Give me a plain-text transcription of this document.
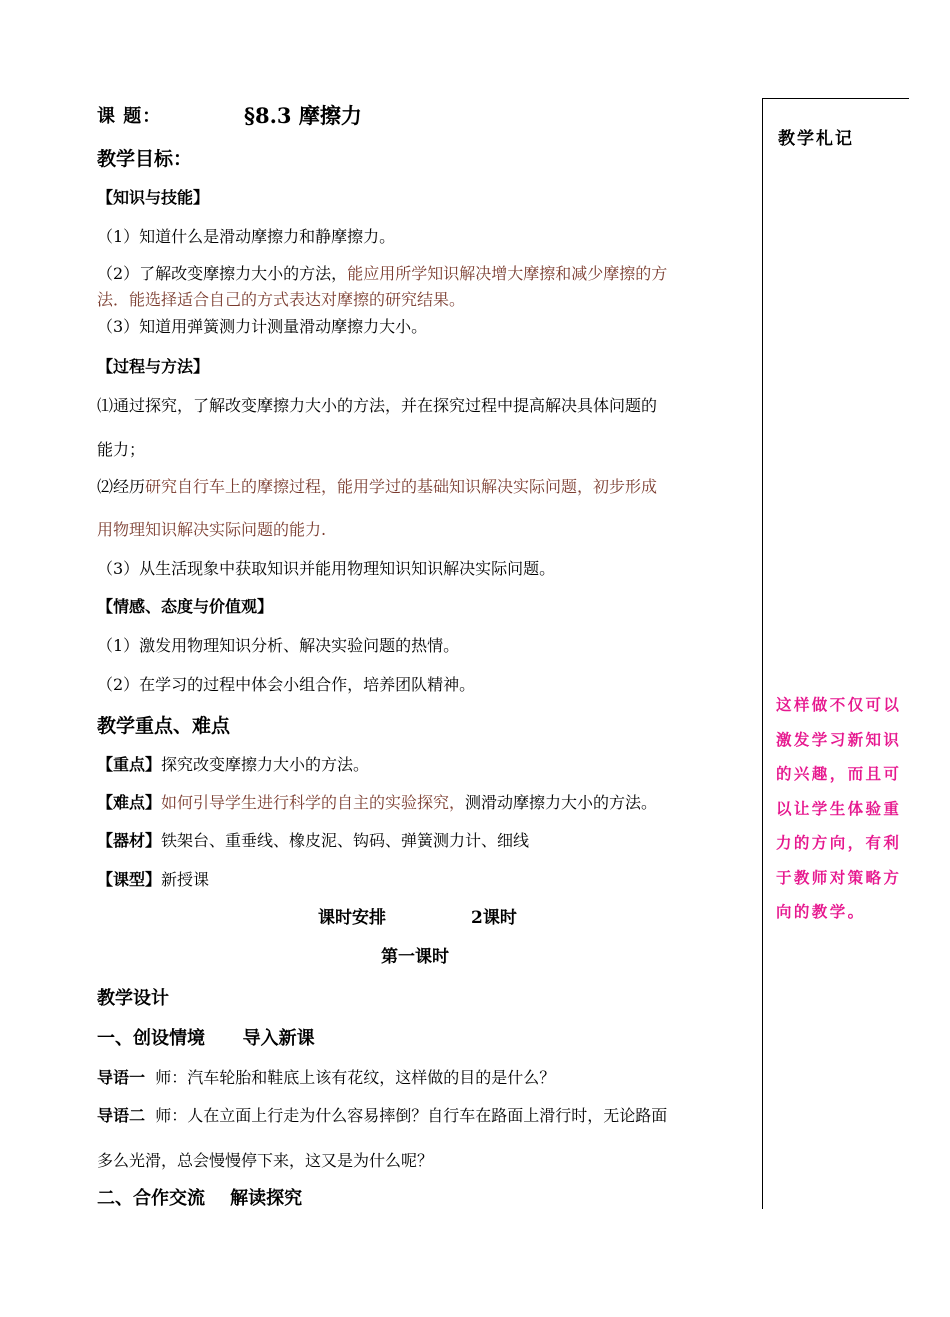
课 题：	§8.3 摩擦力
教学目标：
【知识与技能】
（1）知道什么是滑动摩擦力和静摩擦力。
（2）了解改变摩擦力大小的方法，能应用所学知识解决增大摩擦和减少摩擦的方
法．能选择适合自己的方式表达对摩擦的研究结果。
（3）知道用弹簧测力计测量滑动摩擦力大小。
【过程与方法】
⑴通过探究，了解改变摩擦力大小的方法，并在探究过程中提高解决具体问题的
能力；
⑵经历研究自行车上的摩擦过程，能用学过的基础知识解决实际问题，初步形成
用物理知识解决实际问题的能力.
（3）从生活现象中获取知识并能用物理知识知识解决实际问题。
【情感、态度与价值观】
（1）激发用物理知识分析、解决实验问题的热情。
（2）在学习的过程中体会小组合作，培养团队精神。
教学重点、难点
【重点】探究改变摩擦力大小的方法。
【难点】如何引导学生进行科学的自主的实验探究，测滑动摩擦力大小的方法。
【器材】铁架台、重垂线、橡皮泥、钩码、弹簧测力计、细线
【课型】新授课
课时安排	2课时
第一课时
教学设计
一、创设情境      导入新课
导语一 师：汽车轮胎和鞋底上该有花纹，这样做的目的是什么？
导语二 师：人在立面上行走为什么容易摔倒？自行车在路面上滑行时，无论路面
多么光滑，总会慢慢停下来，这又是为什么呢？
二、合作交流    解读探究
教学札记
这样做不仅可以激发学习新知识的兴趣，而且可以让学生体验重力的方向，有利于教师对策略方向的教学。
